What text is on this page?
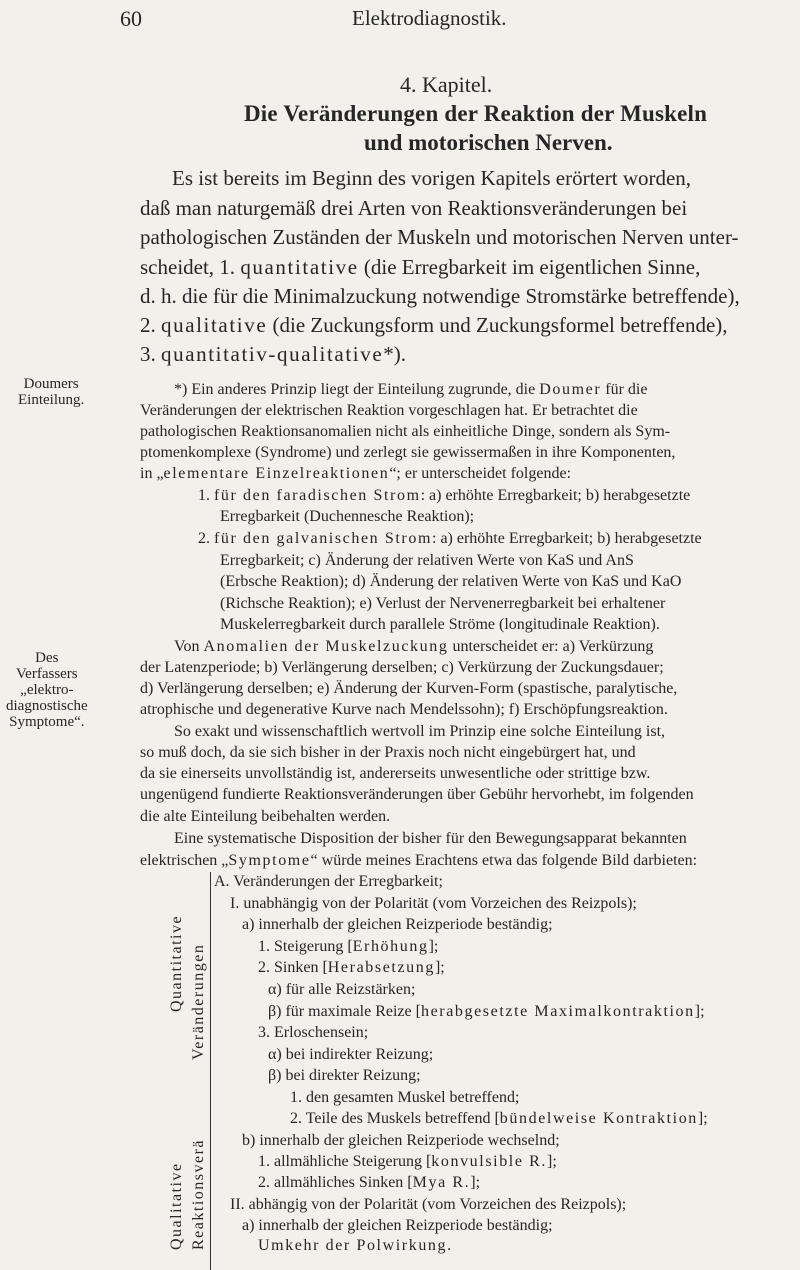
60	Elektrodiagnostik.
4. Kapitel.
Die Veränderungen der Reaktion der Muskeln
und motorischen Nerven.
Es ist bereits im Beginn des vorigen Kapitels erörtert worden,
daß man naturgemäß drei Arten von Reaktionsveränderungen bei
pathologischen Zuständen der Muskeln und motorischen Nerven unter-
scheidet, 1. quantitative (die Erregbarkeit im eigentlichen Sinne,
d. h. die für die Minimalzuckung notwendige Stromstärke betreffende),
2. qualitative (die Zuckungsform und Zuckungsformel betreffende),
3. quantitativ-qualitative*).
Doumers
Einteilung.
Des
Verfassers
„elektro-
diagnostische
Symptome“.
*) Ein anderes Prinzip liegt der Einteilung zugrunde, die Doumer für die
Veränderungen der elektrischen Reaktion vorgeschlagen hat. Er betrachtet die
pathologischen Reaktionsanomalien nicht als einheitliche Dinge, sondern als Sym-
ptomenkomplexe (Syndrome) und zerlegt sie gewissermaßen in ihre Komponenten,
in „elementare Einzelreaktionen“; er unterscheidet folgende:
1. für den faradischen Strom: a) erhöhte Erregbarkeit; b) herabgesetzte
Erregbarkeit (Duchennesche Reaktion);
2. für den galvanischen Strom: a) erhöhte Erregbarkeit; b) herabgesetzte
Erregbarkeit; c) Änderung der relativen Werte von KaS und AnS
(Erbsche Reaktion); d) Änderung der relativen Werte von KaS und KaO
(Richsche Reaktion); e) Verlust der Nervenerregbarkeit bei erhaltener
Muskelerregbarkeit durch parallele Ströme (longitudinale Reaktion).
Von Anomalien der Muskelzuckung unterscheidet er: a) Verkürzung
der Latenzperiode; b) Verlängerung derselben; c) Verkürzung der Zuckungsdauer;
d) Verlängerung derselben; e) Änderung der Kurven-Form (spastische, paralytische,
atrophische und degenerative Kurve nach Mendelssohn); f) Erschöpfungsreaktion.
So exakt und wissenschaftlich wertvoll im Prinzip eine solche Einteilung ist,
so muß doch, da sie sich bisher in der Praxis noch nicht eingebürgert hat, und
da sie einerseits unvollständig ist, andererseits unwesentliche oder strittige bzw.
ungenügend fundierte Reaktionsveränderungen über Gebühr hervorhebt, im folgenden
die alte Einteilung beibehalten werden.
Eine systematische Disposition der bisher für den Bewegungsapparat bekannten
elektrischen „Symptome“ würde meines Erachtens etwa das folgende Bild darbieten:
A. Veränderungen der Erregbarkeit;
I. unabhängig von der Polarität (vom Vorzeichen des Reizpols);
a) innerhalb der gleichen Reizperiode beständig;
1. Steigerung [Erhöhung];
2. Sinken [Herabsetzung];
α) für alle Reizstärken;
β) für maximale Reize [herabgesetzte Maximalkontraktion];
3. Erloschensein;
α) bei indirekter Reizung;
β) bei direkter Reizung;
1. den gesamten Muskel betreffend;
2. Teile des Muskels betreffend [bündelweise Kontraktion];
b) innerhalb der gleichen Reizperiode wechselnd;
1. allmähliche Steigerung [konvulsible R.];
2. allmähliches Sinken [Mya R.];
II. abhängig von der Polarität (vom Vorzeichen des Reizpols);
a) innerhalb der gleichen Reizperiode beständig;
Umkehr der Polwirkung.
Quantitative Veränderungen
Reaktionsverä
Qualitative
